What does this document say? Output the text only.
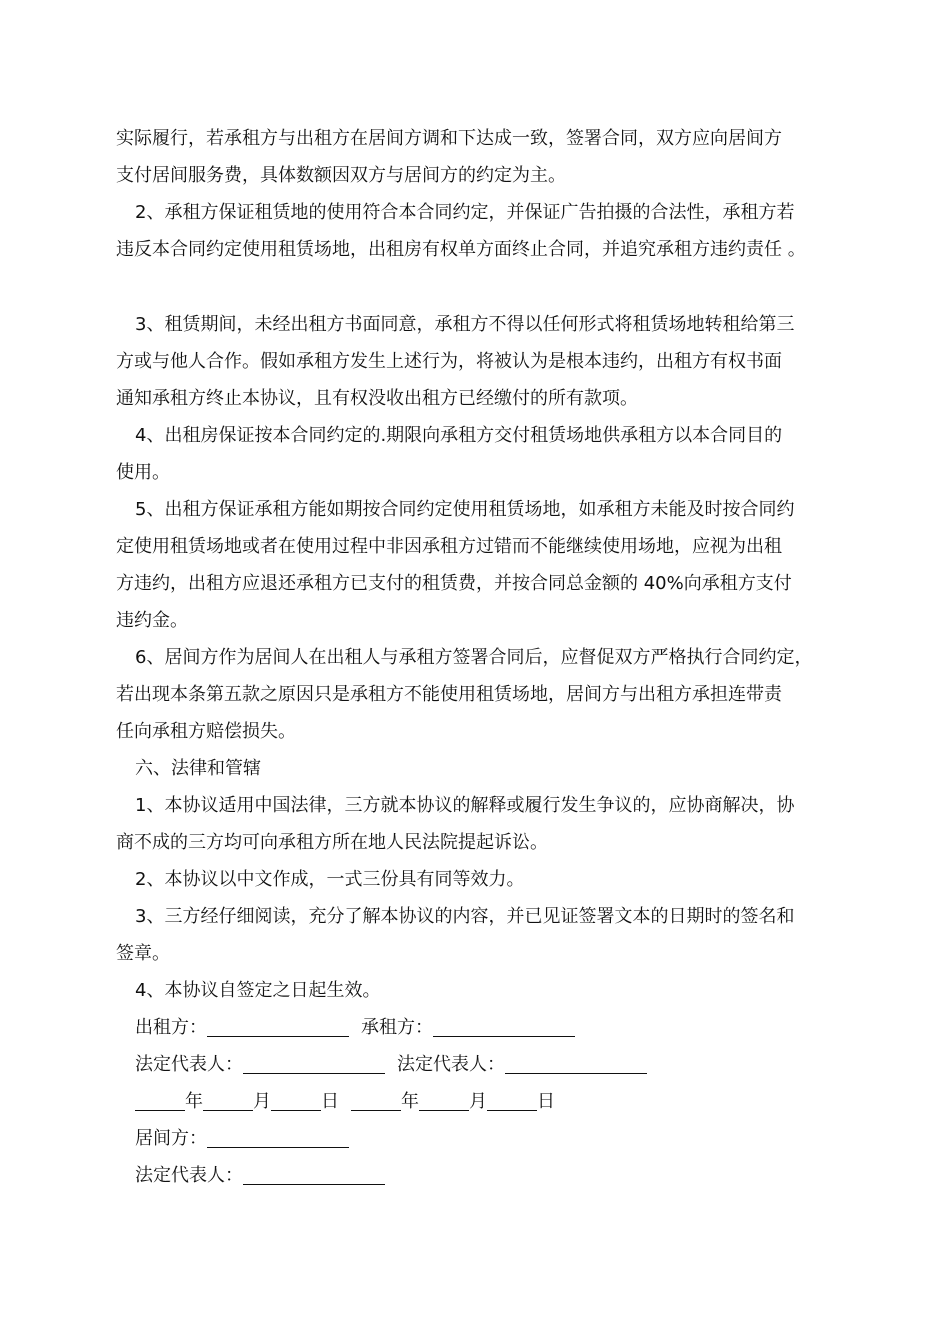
实际履行，若承租方与出租方在居间方调和下达成一致，签署合同，双方应向居间方
支付居间服务费，具体数额因双方与居间方的约定为主。
2、承租方保证租赁地的使用符合本合同约定，并保证广告拍摄的合法性，承租方若
违反本合同约定使用租赁场地，出租房有权单方面终止合同，并追究承租方违约责任 。
3、租赁期间，未经出租方书面同意，承租方不得以任何形式将租赁场地转租给第三
方或与他人合作。假如承租方发生上述行为，将被认为是根本违约，出租方有权书面
通知承租方终止本协议，且有权没收出租方已经缴付的所有款项。
4、出租房保证按本合同约定的.期限向承租方交付租赁场地供承租方以本合同目的
使用。
5、出租方保证承租方能如期按合同约定使用租赁场地，如承租方未能及时按合同约
定使用租赁场地或者在使用过程中非因承租方过错而不能继续使用场地，应视为出租
方违约，出租方应退还承租方已支付的租赁费，并按合同总金额的 40%向承租方支付
违约金。
6、居间方作为居间人在出租人与承租方签署合同后，应督促双方严格执行合同约定，
若出现本条第五款之原因只是承租方不能使用租赁场地，居间方与出租方承担连带责
任向承租方赔偿损失。
六、法律和管辖
1、本协议适用中国法律，三方就本协议的解释或履行发生争议的，应协商解决，协
商不成的三方均可向承租方所在地人民法院提起诉讼。
2、本协议以中文作成，一式三份具有同等效力。
3、三方经仔细阅读，充分了解本协议的内容，并已见证签署文本的日期时的签名和
签章。
4、本协议自签定之日起生效。
出租方：	承租方：
法定代表人：	法定代表人：
年	月	日	年	月	日
居间方：
法定代表人：
